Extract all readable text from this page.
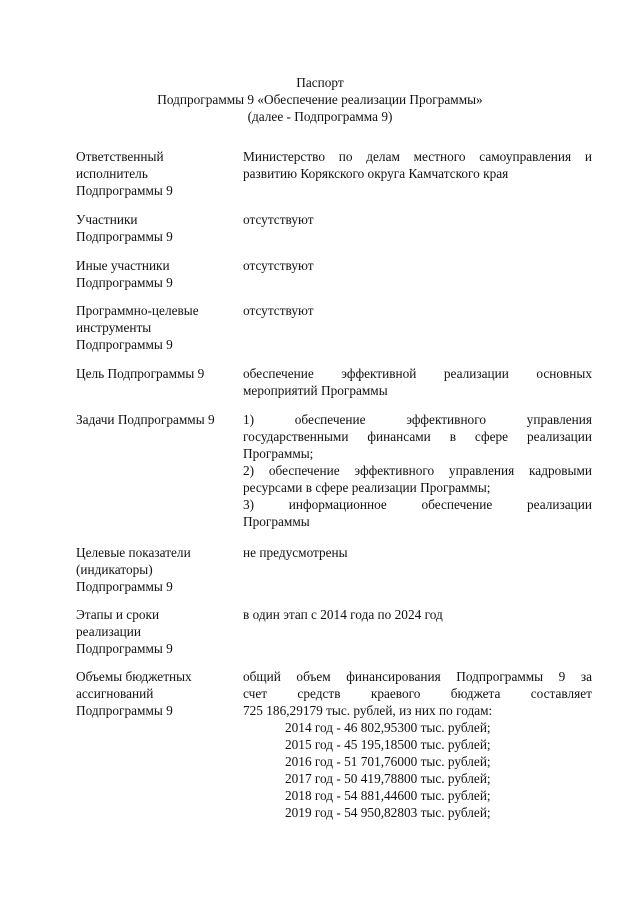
Паспорт
Подпрограммы 9 «Обеспечение реализации Программы»
(далее - Подпрограмма 9)
Ответственный
исполнитель
Подпрограммы 9
Министерство по делам местного самоуправления и
развитию Корякского округа Камчатского края
Участники
Подпрограммы 9
отсутствуют
Иные участники
Подпрограммы 9
отсутствуют
Программно-целевые
инструменты
Подпрограммы 9
отсутствуют
Цель Подпрограммы 9	обеспечение эффективной реализации основных
мероприятий Программы
Задачи Подпрограммы 9	1) обеспечение эффективного управления
государственными финансами в сфере реализации
Программы;
2) обеспечение эффективного управления кадровыми
ресурсами в сфере реализации Программы;
3) информационное обеспечение реализации
Программы
Целевые показатели
(индикаторы)
Подпрограммы 9
не предусмотрены
Этапы и сроки
реализации
Подпрограммы 9
в один этап с 2014 года по 2024 год
Объемы бюджетных
ассигнований
Подпрограммы 9
общий объем финансирования Подпрограммы 9 за
счет средств краевого бюджета составляет
725 186,29179 тыс. рублей, из них по годам:
2014 год - 46 802,95300 тыс. рублей;
2015 год - 45 195,18500 тыс. рублей;
2016 год - 51 701,76000 тыс. рублей;
2017 год - 50 419,78800 тыс. рублей;
2018 год - 54 881,44600 тыс. рублей;
2019 год - 54 950,82803 тыс. рублей;
